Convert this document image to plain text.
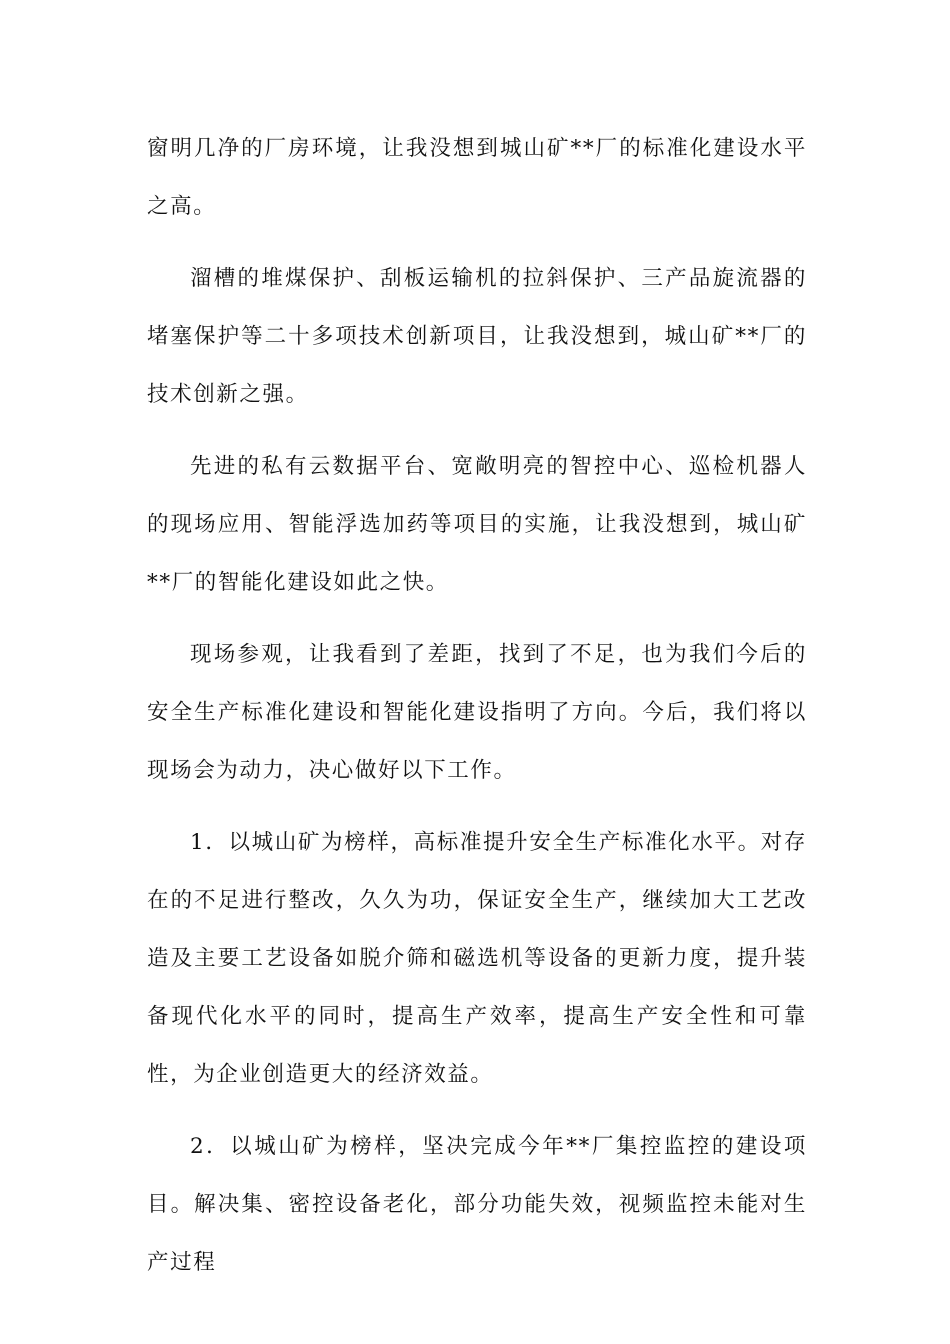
窗明几净的厂房环境，让我没想到城山矿**厂的标准化建设水平之高。

溜槽的堆煤保护、刮板运输机的拉斜保护、三产品旋流器的堵塞保护等二十多项技术创新项目，让我没想到，城山矿**厂的技术创新之强。

先进的私有云数据平台、宽敞明亮的智控中心、巡检机器人的现场应用、智能浮选加药等项目的实施，让我没想到，城山矿**厂的智能化建设如此之快。

现场参观，让我看到了差距，找到了不足，也为我们今后的安全生产标准化建设和智能化建设指明了方向。今后，我们将以现场会为动力，决心做好以下工作。

1．以城山矿为榜样，高标准提升安全生产标准化水平。对存在的不足进行整改，久久为功，保证安全生产，继续加大工艺改造及主要工艺设备如脱介筛和磁选机等设备的更新力度，提升装备现代化水平的同时，提高生产效率，提高生产安全性和可靠性，为企业创造更大的经济效益。

2．以城山矿为榜样，坚决完成今年**厂集控监控的建设项目。解决集、密控设备老化，部分功能失效，视频监控未能对生产过程
